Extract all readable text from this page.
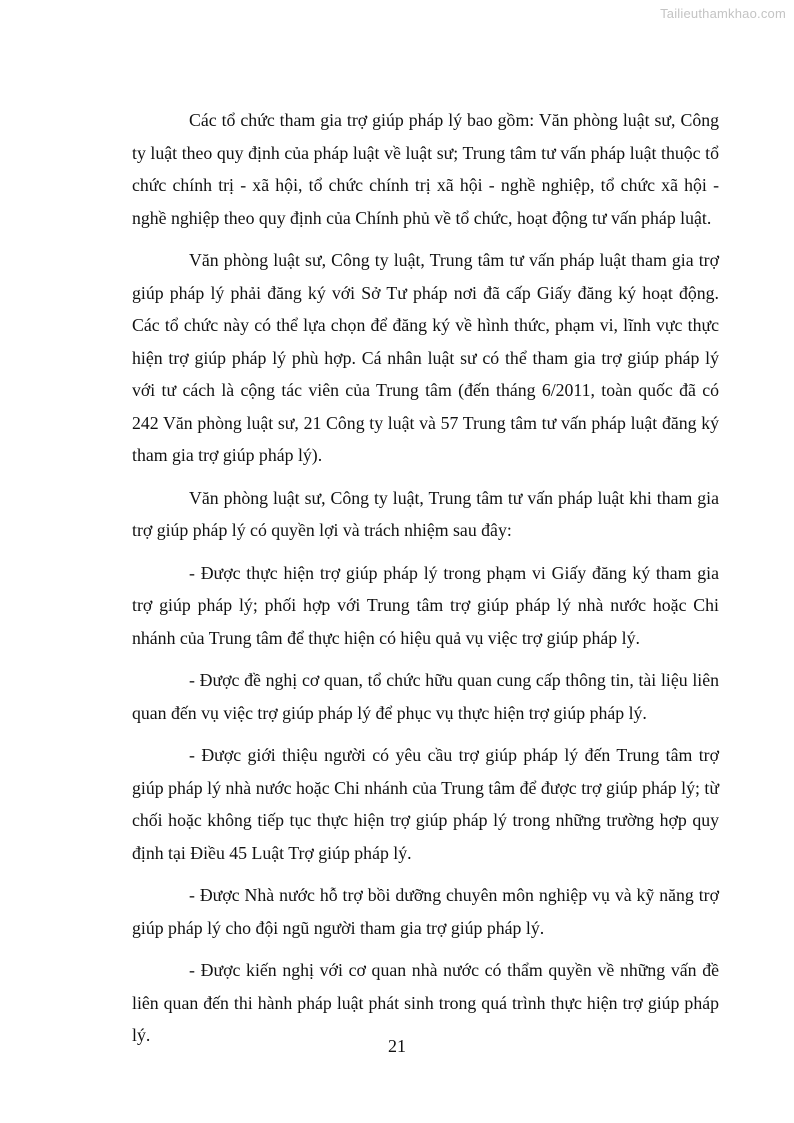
Tailieuthamkhao.com

Các tổ chức tham gia trợ giúp pháp lý bao gồm: Văn phòng luật sư, Công ty luật theo quy định của pháp luật về luật sư; Trung tâm tư vấn pháp luật thuộc tổ chức chính trị - xã hội, tổ chức chính trị xã hội - nghề nghiệp, tổ chức xã hội - nghề nghiệp theo quy định của Chính phủ về tổ chức, hoạt động tư vấn pháp luật.

Văn phòng luật sư, Công ty luật, Trung tâm tư vấn pháp luật tham gia trợ giúp pháp lý phải đăng ký với Sở Tư pháp nơi đã cấp Giấy đăng ký hoạt động. Các tổ chức này có thể lựa chọn để đăng ký về hình thức, phạm vi, lĩnh vực thực hiện trợ giúp pháp lý phù hợp. Cá nhân luật sư có thể tham gia trợ giúp pháp lý với tư cách là cộng tác viên của Trung tâm (đến tháng 6/2011, toàn quốc đã có 242 Văn phòng luật sư, 21 Công ty luật và 57 Trung tâm tư vấn pháp luật đăng ký tham gia trợ giúp pháp lý).

Văn phòng luật sư, Công ty luật, Trung tâm tư vấn pháp luật khi tham gia trợ giúp pháp lý có quyền lợi và trách nhiệm sau đây:

- Được thực hiện trợ giúp pháp lý trong phạm vi Giấy đăng ký tham gia trợ giúp pháp lý; phối hợp với Trung tâm trợ giúp pháp lý nhà nước hoặc Chi nhánh của Trung tâm để thực hiện có hiệu quả vụ việc trợ giúp pháp lý.

- Được đề nghị cơ quan, tổ chức hữu quan cung cấp thông tin, tài liệu liên quan đến vụ việc trợ giúp pháp lý để phục vụ thực hiện trợ giúp pháp lý.

- Được giới thiệu người có yêu cầu trợ giúp pháp lý đến Trung tâm trợ giúp pháp lý nhà nước hoặc Chi nhánh của Trung tâm để được trợ giúp pháp lý; từ chối hoặc không tiếp tục thực hiện trợ giúp pháp lý trong những trường hợp quy định tại Điều 45 Luật Trợ giúp pháp lý.

- Được Nhà nước hỗ trợ bồi dưỡng chuyên môn nghiệp vụ và kỹ năng trợ giúp pháp lý cho đội ngũ người tham gia trợ giúp pháp lý.

- Được kiến nghị với cơ quan nhà nước có thẩm quyền về những vấn đề liên quan đến thi hành pháp luật phát sinh trong quá trình thực hiện trợ giúp pháp lý.

21
